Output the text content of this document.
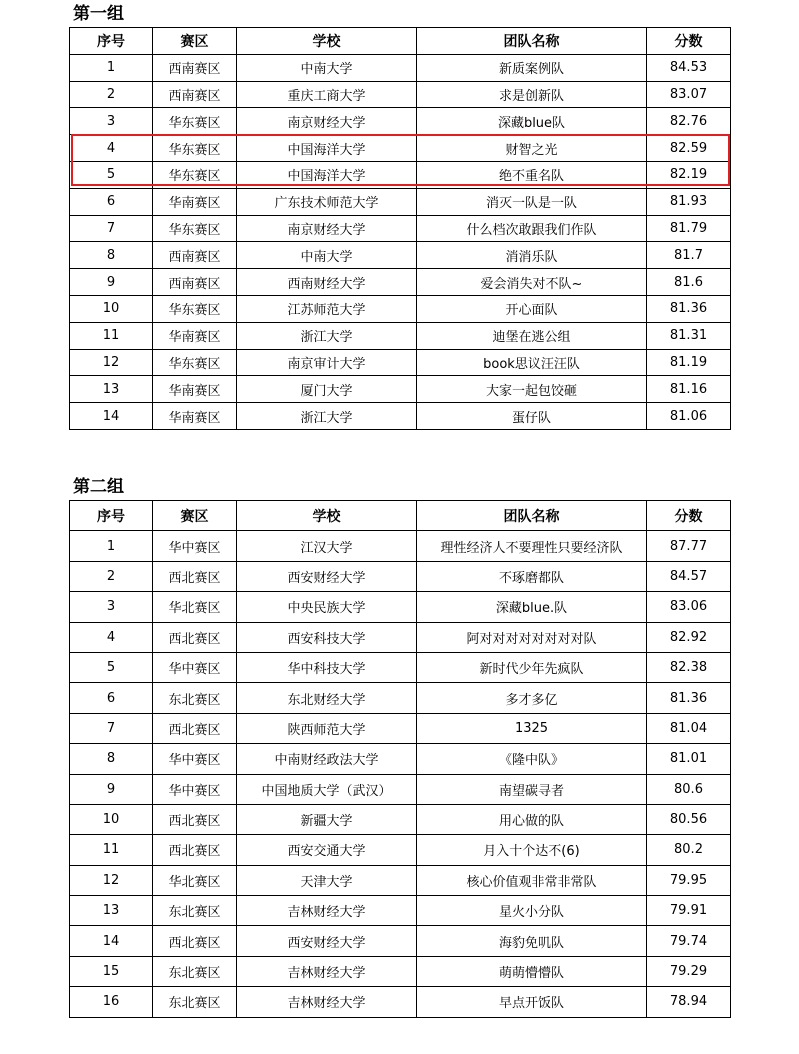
第一组
序号	赛区	学校	团队名称	分数
1	西南赛区	中南大学	新质案例队	84.53
2	西南赛区	重庆工商大学	求是创新队	83.07
3	华东赛区	南京财经大学	深藏blue队	82.76
4	华东赛区	中国海洋大学	财智之光	82.59
5	华东赛区	中国海洋大学	绝不重名队	82.19
6	华南赛区	广东技术师范大学	消灭一队是一队	81.93
7	华东赛区	南京财经大学	什么档次敢跟我们作队	81.79
8	西南赛区	中南大学	消消乐队	81.7
9	西南赛区	西南财经大学	爱会消失对不队~	81.6
10	华东赛区	江苏师范大学	开心面队	81.36
11	华南赛区	浙江大学	迪堡在逃公组	81.31
12	华东赛区	南京审计大学	book思议汪汪队	81.19
13	华南赛区	厦门大学	大家一起包饺砸	81.16
14	华南赛区	浙江大学	蛋仔队	81.06
第二组
序号	赛区	学校	团队名称	分数
1	华中赛区	江汉大学	理性经济人不要理性只要经济队	87.77
2	西北赛区	西安财经大学	不琢磨都队	84.57
3	华北赛区	中央民族大学	深藏blue.队	83.06
4	西北赛区	西安科技大学	阿对对对对对对对对队	82.92
5	华中赛区	华中科技大学	新时代少年先疯队	82.38
6	东北赛区	东北财经大学	多才多亿	81.36
7	西北赛区	陕西师范大学	1325	81.04
8	华中赛区	中南财经政法大学	《隆中队》	81.01
9	华中赛区	中国地质大学（武汉）	南望碳寻者	80.6
10	西北赛区	新疆大学	用心做的队	80.56
11	西北赛区	西安交通大学	月入十个达不(6)	80.2
12	华北赛区	天津大学	核心价值观非常非常队	79.95
13	东北赛区	吉林财经大学	星火小分队	79.91
14	西北赛区	西安财经大学	海豹免叽队	79.74
15	东北赛区	吉林财经大学	萌萌懵懵队	79.29
16	东北赛区	吉林财经大学	早点开饭队	78.94
